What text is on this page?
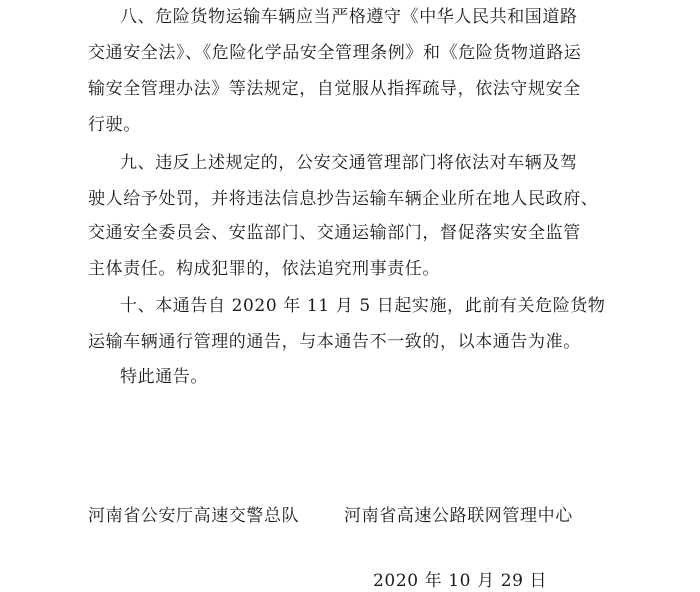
八、危险货物运输车辆应当严格遵守《中华人民共和国道路
交通安全法》、《危险化学品安全管理条例》和《危险货物道路运
输安全管理办法》等法规定，自觉服从指挥疏导，依法守规安全
行驶。
九、违反上述规定的，公安交通管理部门将依法对车辆及驾
驶人给予处罚，并将违法信息抄告运输车辆企业所在地人民政府、
交通安全委员会、安监部门、交通运输部门，督促落实安全监管
主体责任。构成犯罪的，依法追究刑事责任。
十、本通告自 2020 年 11 月 5 日起实施，此前有关危险货物
运输车辆通行管理的通告，与本通告不一致的，以本通告为准。
特此通告。
河南省公安厅高速交警总队	河南省高速公路联网管理中心
2020 年 10 月 29 日
